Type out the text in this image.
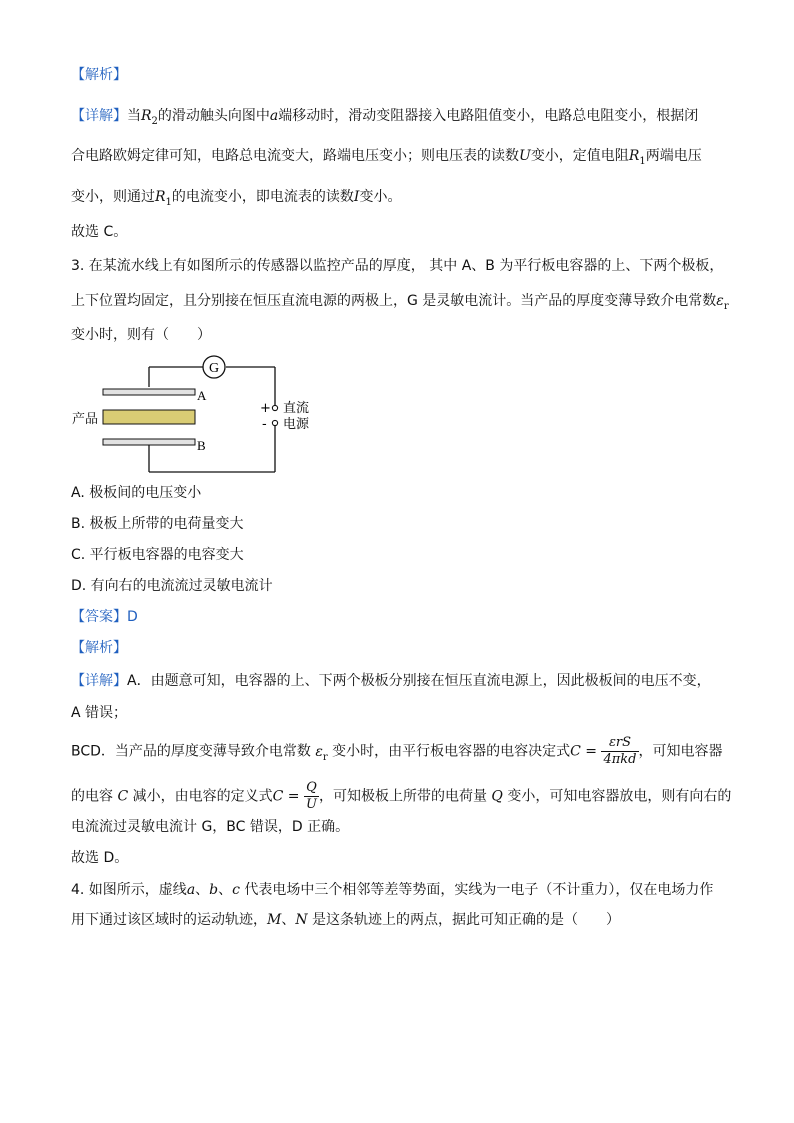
【解析】
【详解】当$R_2$的滑动触头向图中a端移动时，滑动变阻器接入电路阻值变小，电路总电阻变小，根据闭
合电路欧姆定律可知，电路总电流变大，路端电压变小；则电压表的读数U变小，定值电阻$R_1$两端电压
变小，则通过$R_1$的电流变小，即电流表的读数I变小。
故选 C。
3. 在某流水线上有如图所示的传感器以监控产品的厚度， 其中 A、B 为平行板电容器的上、下两个极板，
上下位置均固定，且分别接在恒压直流电源的两极上，G 是灵敏电流计。当产品的厚度变薄导致介电常数$\varepsilon_r$
变小时，则有（　　）
G
A
产品
B
+
-
直流
电源
A. 极板间的电压变小
B. 极板上所带的电荷量变大
C. 平行板电容器的电容变大
D. 有向右的电流流过灵敏电流计
【答案】D
【解析】
【详解】A．由题意可知，电容器的上、下两个极板分别接在恒压直流电源上，因此极板间的电压不变，
A 错误；
BCD．当产品的厚度变薄导致介电常数 $\varepsilon_r$ 变小时，由平行板电容器的电容决定式$C = \frac{\text{εrS}}{\text{4πkd}}$ ，可知电容器
的电容 C 减小，由电容的定义式$C = \frac{Q}{U}$ ，可知极板上所带的电荷量 Q 变小，可知电容器放电，则有向右的
电流流过灵敏电流计 G，BC 错误，D 正确。
故选 D。
4. 如图所示，虚线a、b、c 代表电场中三个相邻等差等势面，实线为一电子（不计重力），仅在电场力作
用下通过该区域时的运动轨迹，M、N 是这条轨迹上的两点，据此可知正确的是（　　）
